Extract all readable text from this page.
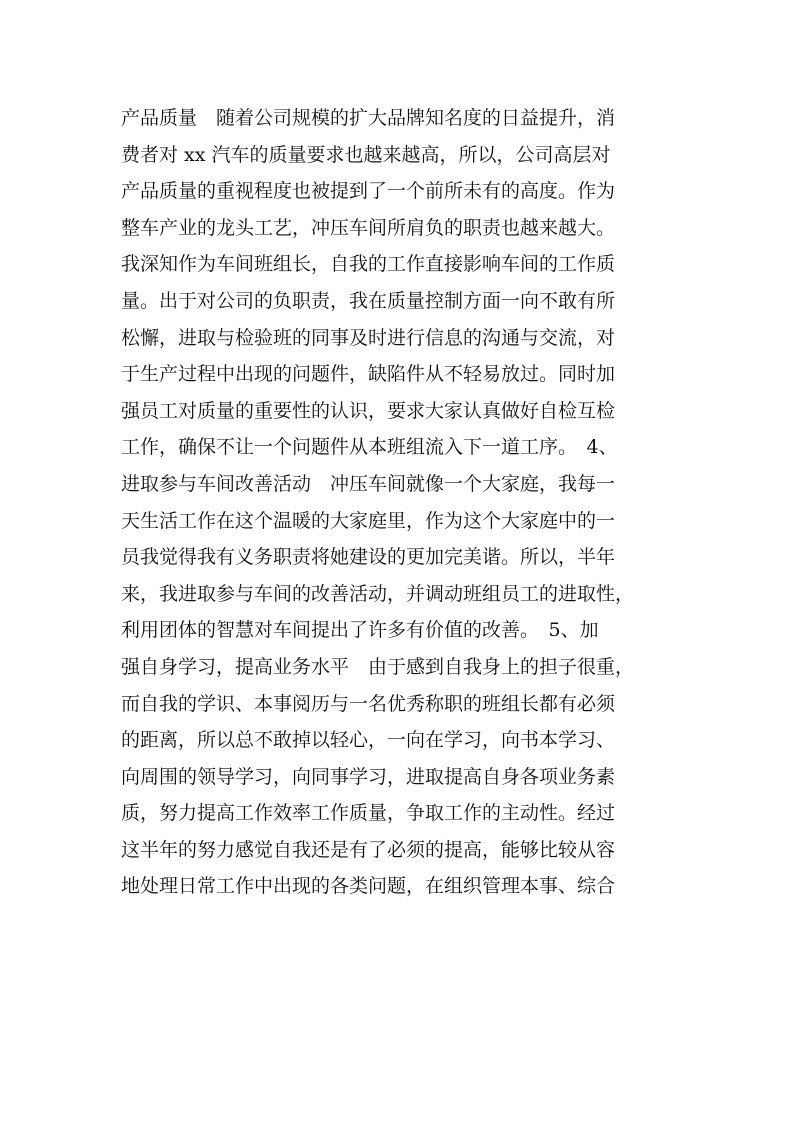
产品质量　随着公司规模的扩大品牌知名度的日益提升，消
费者对 xx 汽车的质量要求也越来越高，所以，公司高层对
产品质量的重视程度也被提到了一个前所未有的高度。作为
整车产业的龙头工艺，冲压车间所肩负的职责也越来越大。
我深知作为车间班组长，自我的工作直接影响车间的工作质
量。出于对公司的负职责，我在质量控制方面一向不敢有所
松懈，进取与检验班的同事及时进行信息的沟通与交流，对
于生产过程中出现的问题件，缺陷件从不轻易放过。同时加
强员工对质量的重要性的认识，要求大家认真做好自检互检
工作，确保不让一个问题件从本班组流入下一道工序。　4、
进取参与车间改善活动　冲压车间就像一个大家庭，我每一
天生活工作在这个温暖的大家庭里，作为这个大家庭中的一
员我觉得我有义务职责将她建设的更加完美谐。所以，半年
来，我进取参与车间的改善活动，并调动班组员工的进取性，
利用团体的智慧对车间提出了许多有价值的改善。　5、加
强自身学习，提高业务水平　由于感到自我身上的担子很重，
而自我的学识、本事阅历与一名优秀称职的班组长都有必须
的距离，所以总不敢掉以轻心，一向在学习，向书本学习、
向周围的领导学习，向同事学习，进取提高自身各项业务素
质，努力提高工作效率工作质量，争取工作的主动性。经过
这半年的努力感觉自我还是有了必须的提高，能够比较从容
地处理日常工作中出现的各类问题，在组织管理本事、综合
